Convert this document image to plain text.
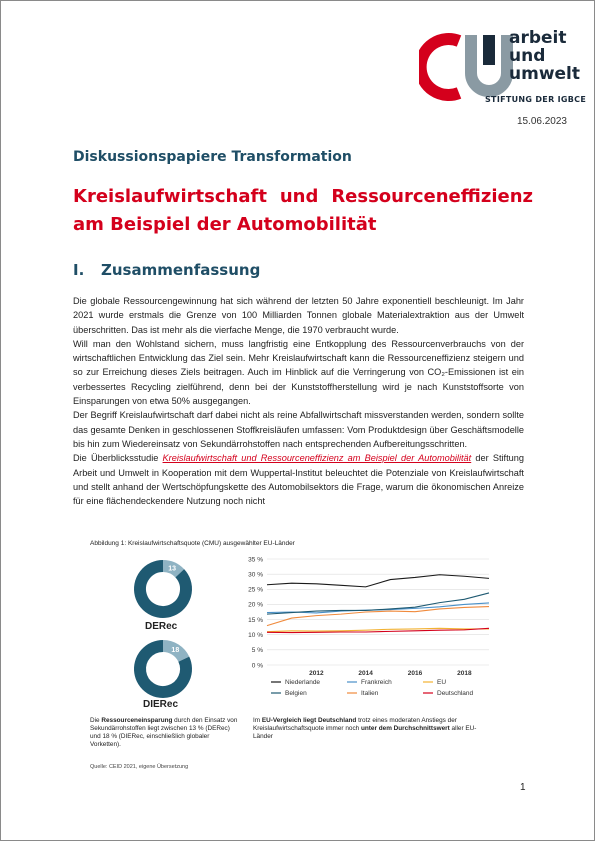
arbeit
und
umwelt
STIFTUNG DER IGBCE
15.06.2023
Diskussionspapiere Transformation
Kreislaufwirtschaft und Ressourceneffizienz
am Beispiel der Automobilität
I. Zusammenfassung

Die globale Ressourcengewinnung hat sich während der letzten 50 Jahre exponentiell beschleunigt. Im Jahr 2021 wurde erstmals die Grenze von 100 Milliarden Tonnen globale Materialextraktion aus der Umwelt überschritten. Das ist mehr als die vierfache Menge, die 1970 verbraucht wurde.

Will man den Wohlstand sichern, muss langfristig eine Entkopplung des Ressourcenverbrauchs von der wirtschaftlichen Entwicklung das Ziel sein. Mehr Kreislaufwirtschaft kann die Ressourceneffizienz steigern und so zur Erreichung dieses Ziels beitragen. Auch im Hinblick auf die Verringerung von CO₂-Emissionen ist ein verbessertes Recycling zielführend, denn bei der Kunststoffherstellung wird je nach Kunststoffsorte von Einsparungen von etwa 50% ausgegangen.

Der Begriff Kreislaufwirtschaft darf dabei nicht als reine Abfallwirtschaft missverstanden werden, sondern sollte das gesamte Denken in geschlossenen Stoffkreisläufen umfassen: Vom Produktdesign über Geschäftsmodelle bis hin zum Wiedereinsatz von Sekundärrohstoffen nach entsprechenden Aufbereitungsschritten.

Die Überblicksstudie Kreislaufwirtschaft und Ressourceneffizienz am Beispiel der Automobilität der Stiftung Arbeit und Umwelt in Kooperation mit dem Wuppertal-Institut beleuchtet die Potenziale von Kreislaufwirtschaft und stellt anhand der Wertschöpfungskette des Automobilsektors die Frage, warum die ökonomischen Anreize für eine flächendeckendere Nutzung noch nicht

Abbildung 1: Kreislaufwirtschaftsquote (CMU) ausgewählter EU-Länder
13
DERec
18
DIERec
0 %
5 %
10 %
15 %
20 %
25 %
30 %
35 %
2012	2014	2016	2018
Niederlande	Frankreich	EU
Belgien	Italien	Deutschland
Die Ressourceneinsparung durch den Einsatz von Sekundärrohstoffen liegt zwischen 13 % (DERec) und 18 % (DIERec, einschließlich globaler Vorketten).
Im EU-Vergleich liegt Deutschland trotz eines moderaten Anstiegs der Kreislaufwirtschaftsquote immer noch unter dem Durchschnittswert aller EU-Länder
Quelle: CEID 2021, eigene Übersetzung
1
